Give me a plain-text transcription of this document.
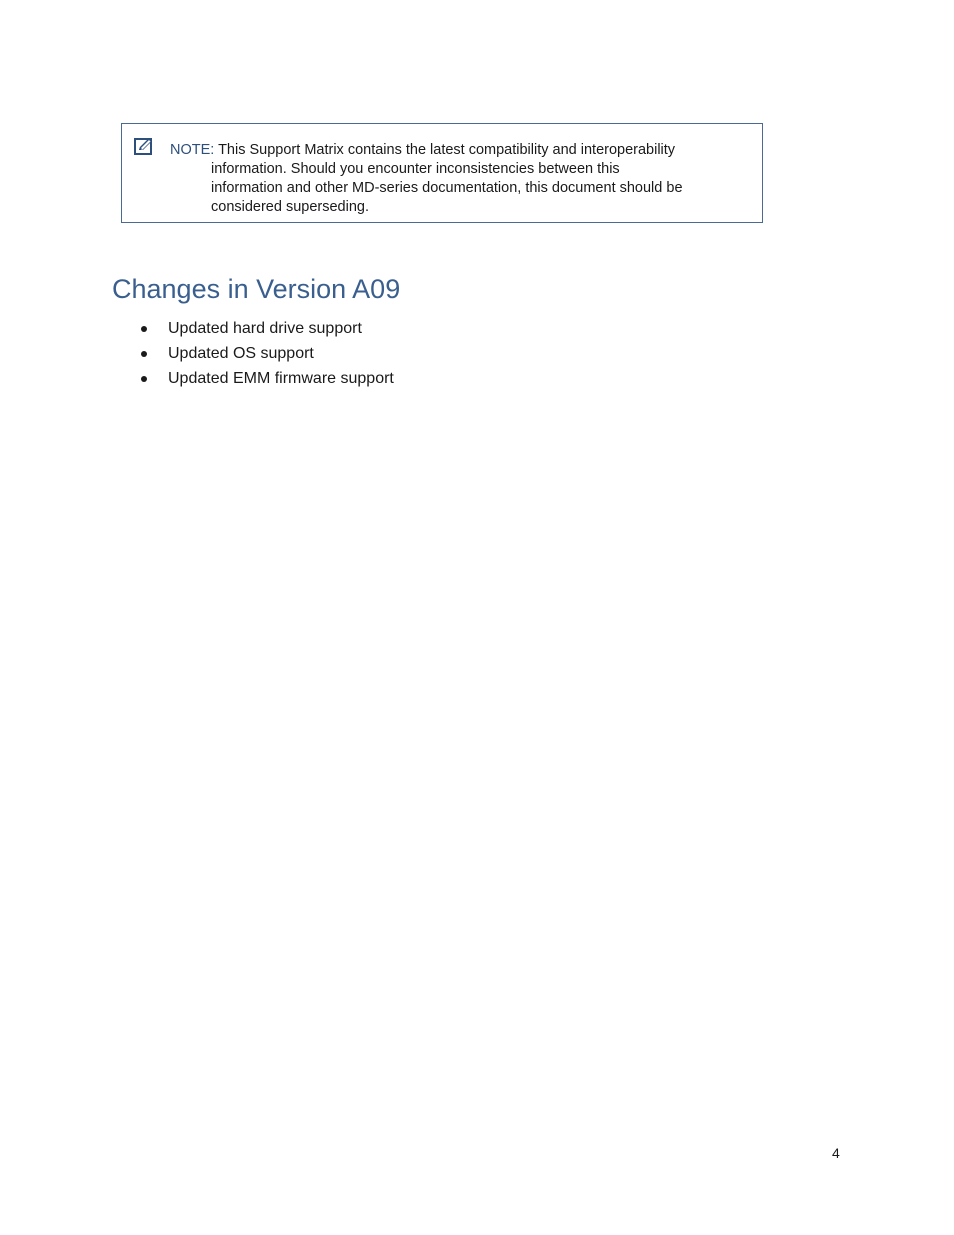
NOTE: This Support Matrix contains the latest compatibility and interoperability
information. Should you encounter inconsistencies between this
information and other MD-series documentation, this document should be
considered superseding.
Changes in Version A09
Updated hard drive support
Updated OS support
Updated EMM firmware support
4
